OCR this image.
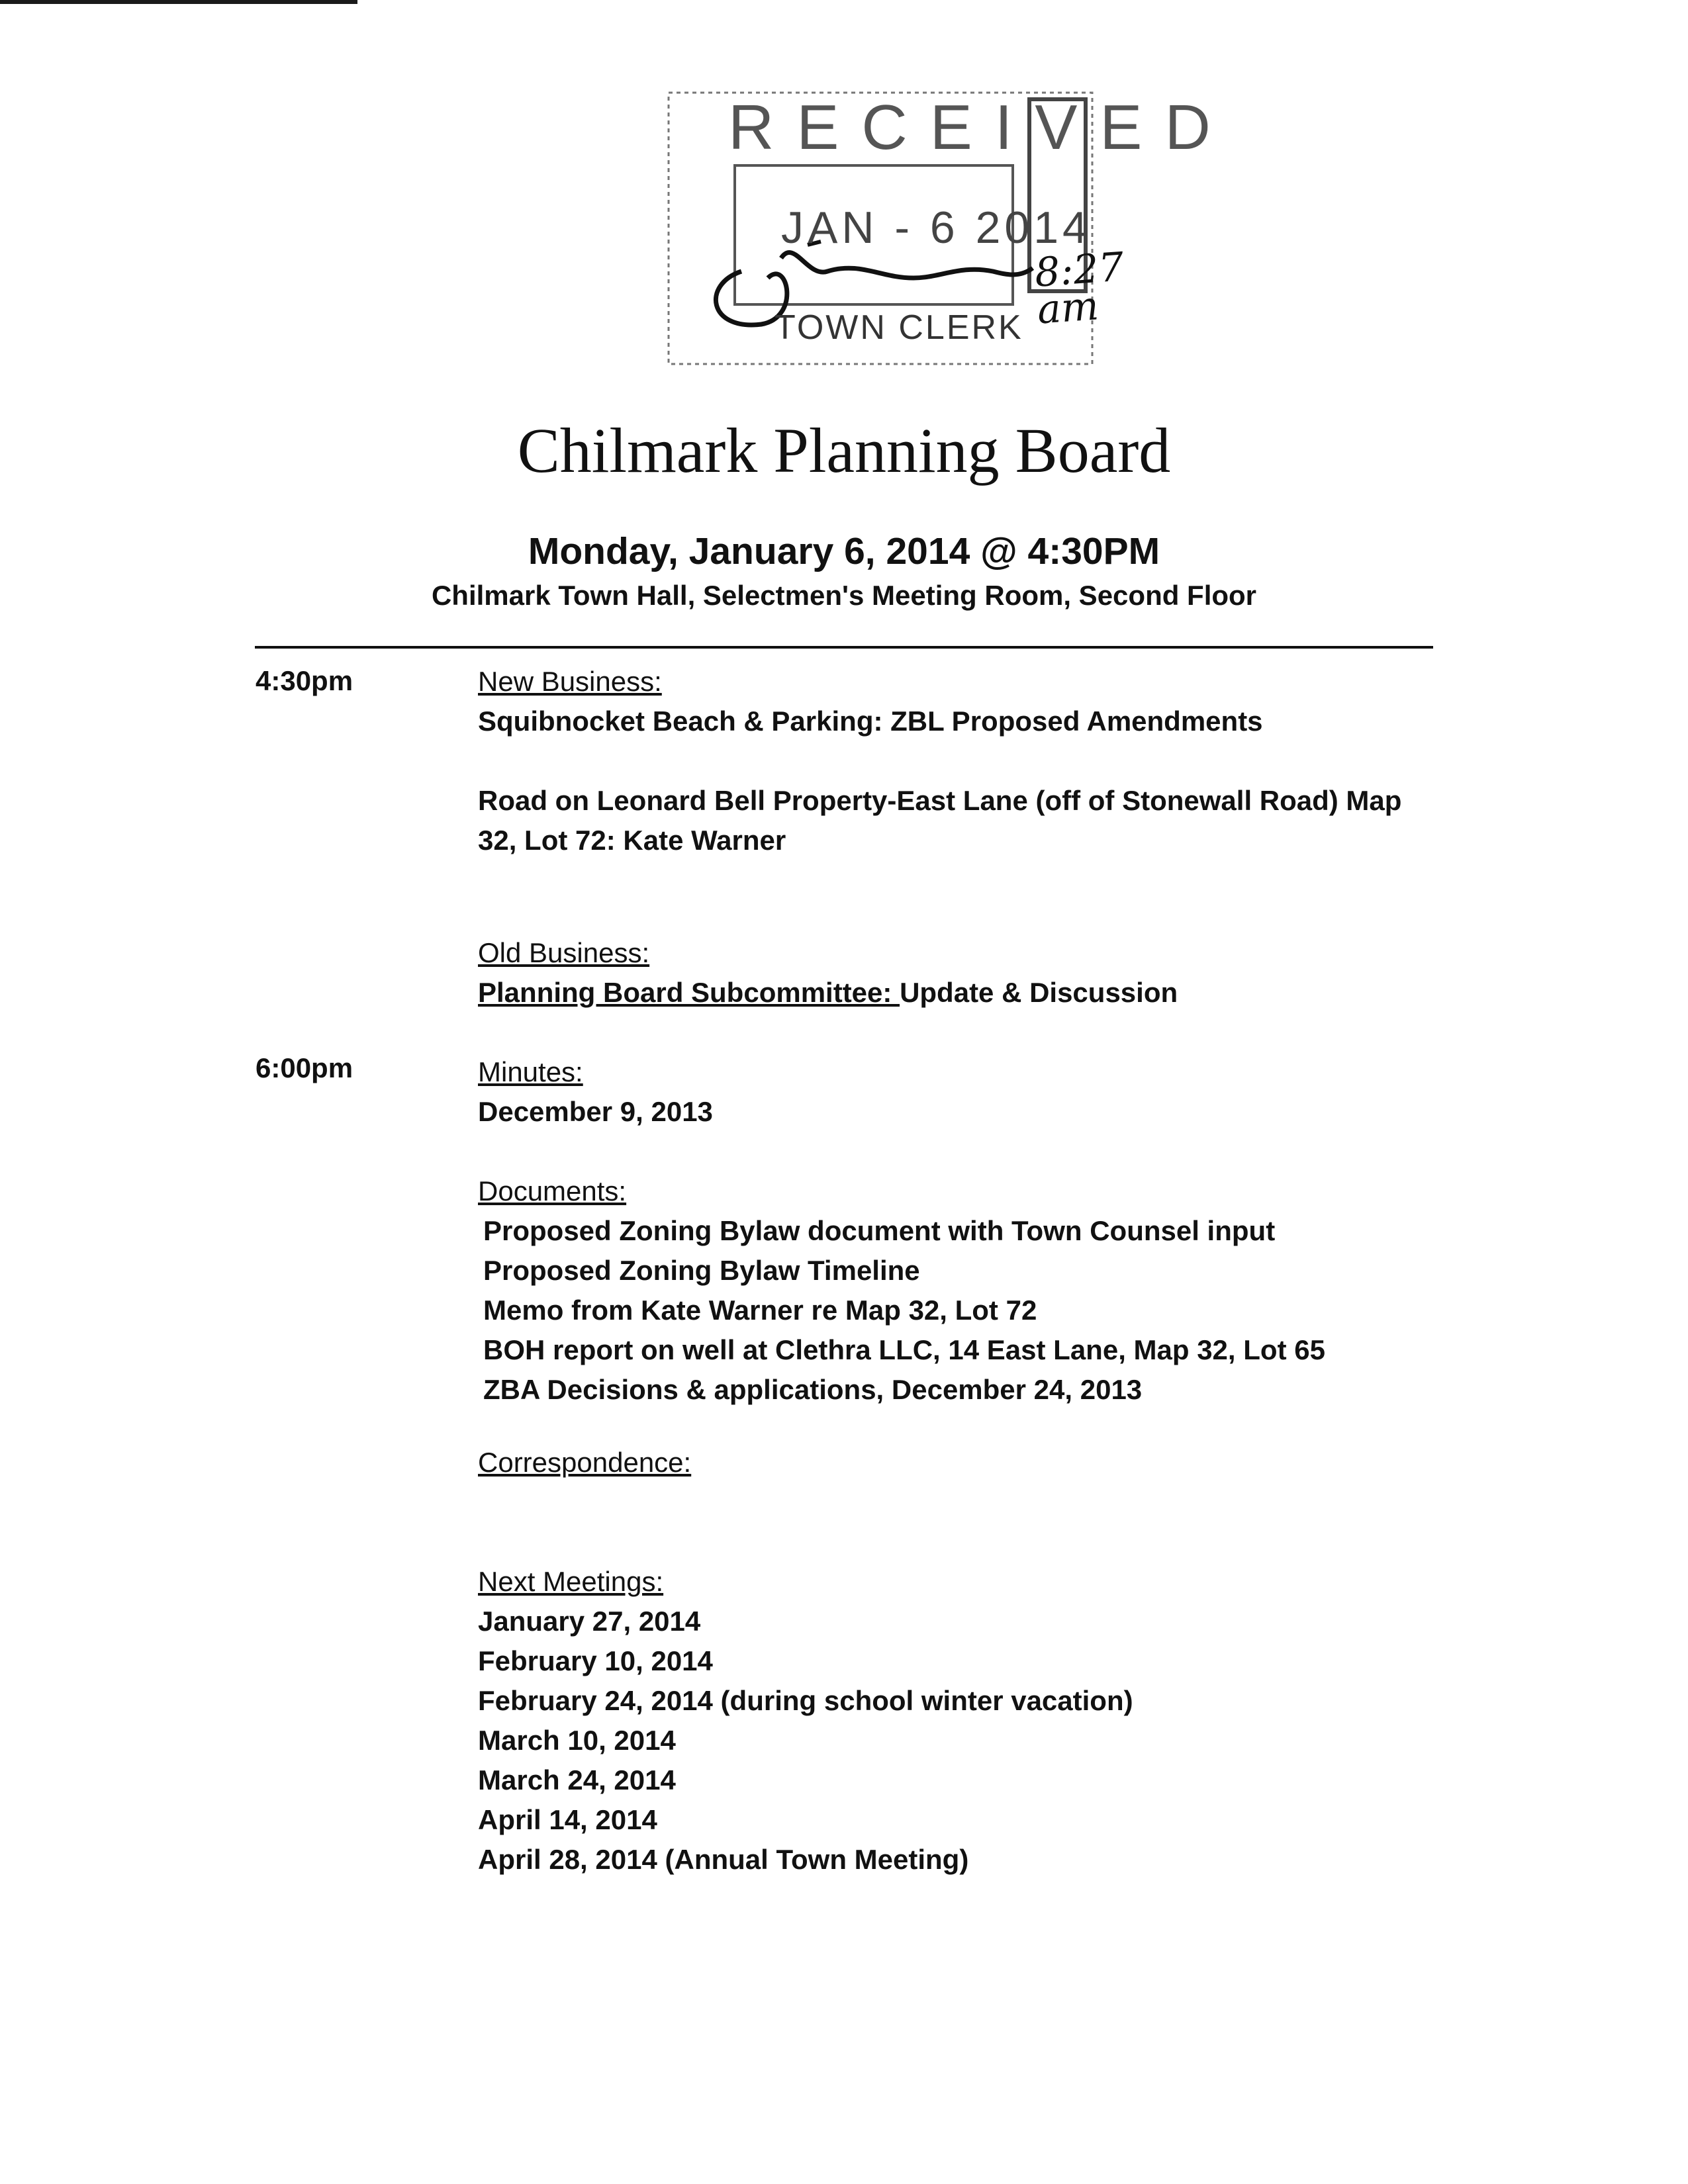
RECEIVED
JAN - 6 2014
8:27 am
TOWN CLERK
Chilmark Planning Board
Monday, January 6, 2014 @ 4:30PM
Chilmark Town Hall, Selectmen's Meeting Room, Second Floor
4:30pm
6:00pm
New Business:

Squibnocket Beach & Parking: ZBL Proposed Amendments

Road on Leonard Bell Property-East Lane (off of Stonewall Road) Map 32, Lot 72: Kate Warner

Old Business:

Planning Board Subcommittee: Update & Discussion

Minutes:

December 9, 2013

Documents:

Proposed Zoning Bylaw document with Town Counsel input

Proposed Zoning Bylaw Timeline

Memo from Kate Warner re Map 32, Lot 72

BOH report on well at Clethra LLC, 14 East Lane, Map 32, Lot 65

ZBA Decisions & applications, December 24, 2013

Correspondence:
Next Meetings:

January 27, 2014

February 10, 2014

February 24, 2014 (during school winter vacation)

March 10, 2014

March 24, 2014

April 14, 2014

April 28, 2014 (Annual Town Meeting)
